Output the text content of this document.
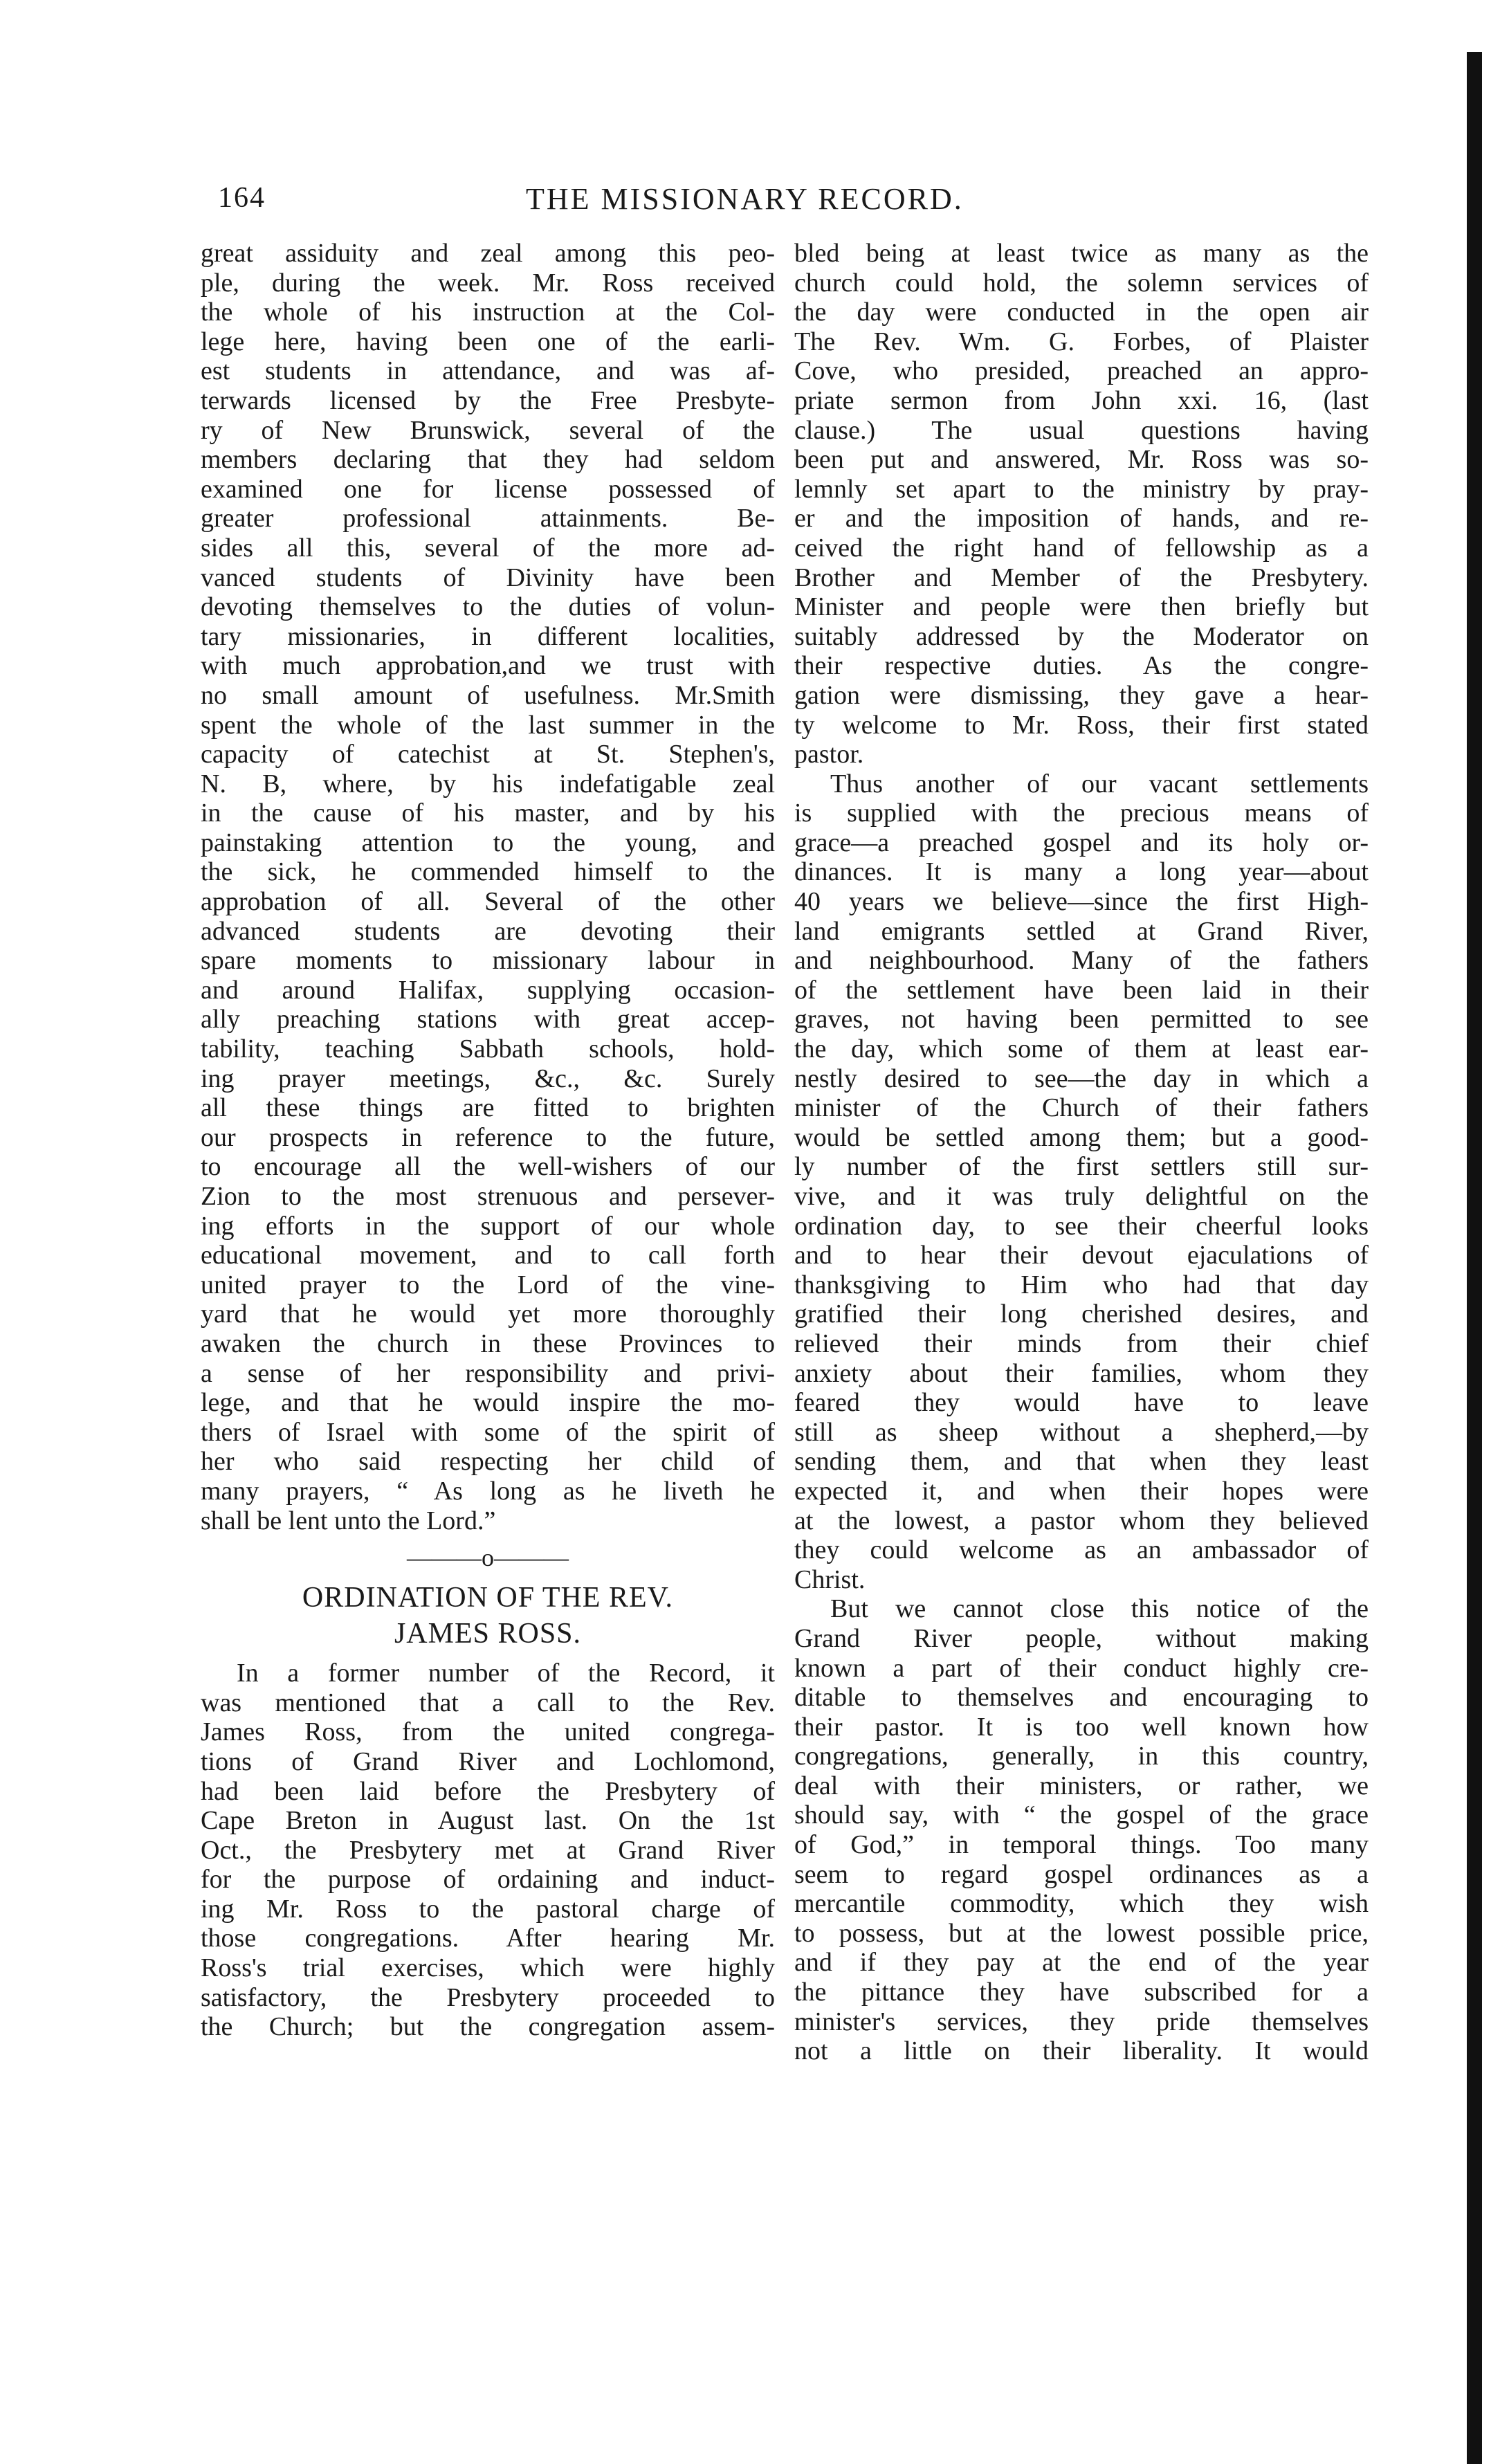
164	THE MISSIONARY RECORD.
great assiduity and zeal among this peo-
ple, during the week. Mr. Ross received
the whole of his instruction at the Col-
lege here, having been one of the earli-
est students in attendance, and was af-
terwards licensed by the Free Presbyte-
ry of New Brunswick, several of the
members declaring that they had seldom
examined one for license possessed of
greater professional attainments. Be-
sides all this, several of the more ad-
vanced students of Divinity have been
devoting themselves to the duties of volun-
tary missionaries, in different localities,
with much approbation,and we trust with
no small amount of usefulness. Mr.Smith
spent the whole of the last summer in the
capacity of catechist at St. Stephen's,
N. B, where, by his indefatigable zeal
in the cause of his master, and by his
painstaking attention to the young, and
the sick, he commended himself to the
approbation of all. Several of the other
advanced students are devoting their
spare moments to missionary labour in
and around Halifax, supplying occasion-
ally preaching stations with great accep-
tability, teaching Sabbath schools, hold-
ing prayer meetings, &c., &c. Surely
all these things are fitted to brighten
our prospects in reference to the future,
to encourage all the well-wishers of our
Zion to the most strenuous and persever-
ing efforts in the support of our whole
educational movement, and to call forth
united prayer to the Lord of the vine-
yard that he would yet more thoroughly
awaken the church in these Provinces to
a sense of her responsibility and privi-
lege, and that he would inspire the mo-
thers of Israel with some of the spirit of
her who said respecting her child of
many prayers, “ As long as he liveth he
shall be lent unto the Lord.”
———o———
ORDINATION OF THE REV.
JAMES ROSS.
In a former number of the Record, it
was mentioned that a call to the Rev.
James Ross, from the united congrega-
tions of Grand River and Lochlomond,
had been laid before the Presbytery of
Cape Breton in August last. On the 1st
Oct., the Presbytery met at Grand River
for the purpose of ordaining and induct-
ing Mr. Ross to the pastoral charge of
those congregations. After hearing Mr.
Ross's trial exercises, which were highly
satisfactory, the Presbytery proceeded to
the Church; but the congregation assem-
bled being at least twice as many as the
church could hold, the solemn services of
the day were conducted in the open air
The Rev. Wm. G. Forbes, of Plaister
Cove, who presided, preached an appro-
priate sermon from John xxi. 16, (last
clause.) The usual questions having
been put and answered, Mr. Ross was so-
lemnly set apart to the ministry by pray-
er and the imposition of hands, and re-
ceived the right hand of fellowship as a
Brother and Member of the Presbytery.
Minister and people were then briefly but
suitably addressed by the Moderator on
their respective duties. As the congre-
gation were dismissing, they gave a hear-
ty welcome to Mr. Ross, their first stated
pastor.
Thus another of our vacant settlements
is supplied with the precious means of
grace—a preached gospel and its holy or-
dinances. It is many a long year—about
40 years we believe—since the first High-
land emigrants settled at Grand River,
and neighbourhood. Many of the fathers
of the settlement have been laid in their
graves, not having been permitted to see
the day, which some of them at least ear-
nestly desired to see—the day in which a
minister of the Church of their fathers
would be settled among them; but a good-
ly number of the first settlers still sur-
vive, and it was truly delightful on the
ordination day, to see their cheerful looks
and to hear their devout ejaculations of
thanksgiving to Him who had that day
gratified their long cherished desires, and
relieved their minds from their chief
anxiety about their families, whom they
feared they would have to leave
still as sheep without a shepherd,—by
sending them, and that when they least
expected it, and when their hopes were
at the lowest, a pastor whom they believed
they could welcome as an ambassador of
Christ.
But we cannot close this notice of the
Grand River people, without making
known a part of their conduct highly cre-
ditable to themselves and encouraging to
their pastor. It is too well known how
congregations, generally, in this country,
deal with their ministers, or rather, we
should say, with “ the gospel of the grace
of God,” in temporal things. Too many
seem to regard gospel ordinances as a
mercantile commodity, which they wish
to possess, but at the lowest possible price,
and if they pay at the end of the year
the pittance they have subscribed for a
minister's services, they pride themselves
not a little on their liberality. It would
